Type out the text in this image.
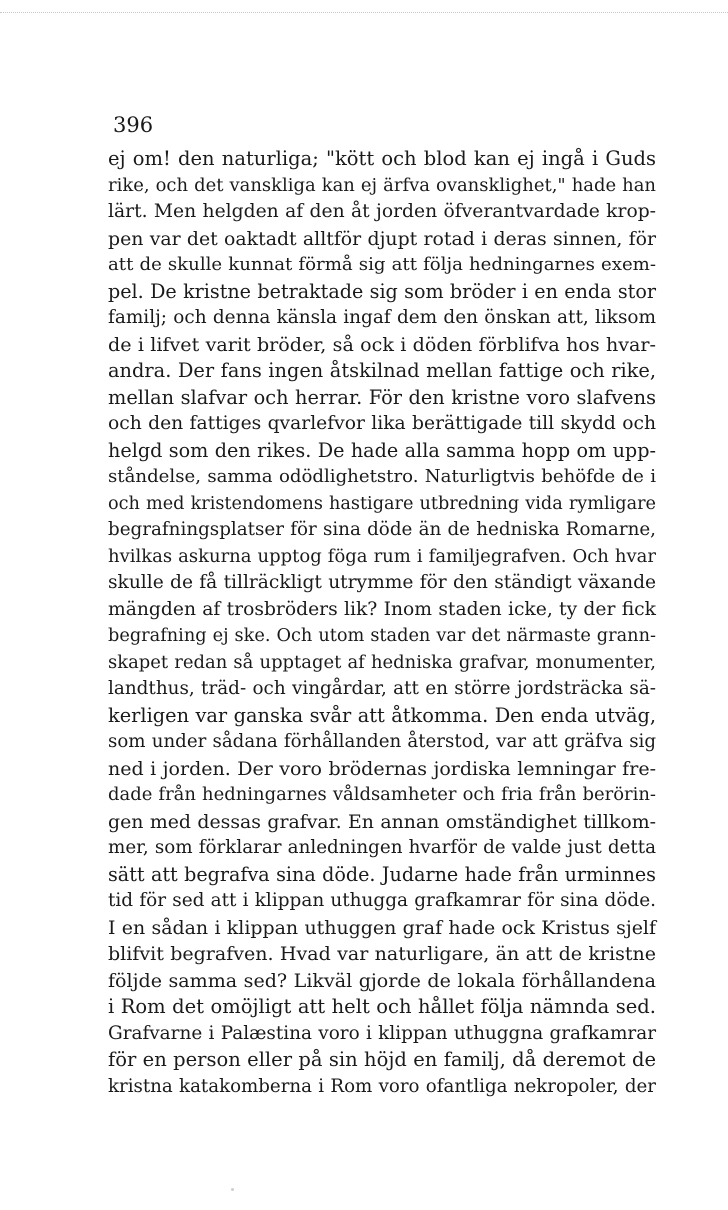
396
ej om! den naturliga; "kött och blod kan ej ingå i Guds
rike, och det vanskliga kan ej ärfva ovansklighet," hade han
lärt. Men helgden af den åt jorden öfverantvardade krop-
pen var det oaktadt alltför djupt rotad i deras sinnen, för
att de skulle kunnat förmå sig att följa hedningarnes exem-
pel. De kristne betraktade sig som bröder i en enda stor
familj; och denna känsla ingaf dem den önskan att, liksom
de i lifvet varit bröder, så ock i döden förblifva hos hvar-
andra. Der fans ingen åtskilnad mellan fattige och rike,
mellan slafvar och herrar. För den kristne voro slafvens
och den fattiges qvarlefvor lika berättigade till skydd och
helgd som den rikes. De hade alla samma hopp om upp-
ståndelse, samma odödlighetstro. Naturligtvis behöfde de i
och med kristendomens hastigare utbredning vida rymligare
begrafningsplatser för sina döde än de hedniska Romarne,
hvilkas askurna upptog föga rum i familjegrafven. Och hvar
skulle de få tillräckligt utrymme för den ständigt växande
mängden af trosbröders lik? Inom staden icke, ty der fick
begrafning ej ske. Och utom staden var det närmaste grann-
skapet redan så upptaget af hedniska grafvar, monumenter,
landthus, träd- och vingårdar, att en större jordsträcka sä-
kerligen var ganska svår att åtkomma. Den enda utväg,
som under sådana förhållanden återstod, var att gräfva sig
ned i jorden. Der voro brödernas jordiska lemningar fre-
dade från hedningarnes våldsamheter och fria från berörin-
gen med dessas grafvar. En annan omständighet tillkom-
mer, som förklarar anledningen hvarför de valde just detta
sätt att begrafva sina döde. Judarne hade från urminnes
tid för sed att i klippan uthugga grafkamrar för sina döde.
I en sådan i klippan uthuggen graf hade ock Kristus sjelf
blifvit begrafven. Hvad var naturligare, än att de kristne
följde samma sed? Likväl gjorde de lokala förhållandena
i Rom det omöjligt att helt och hållet följa nämnda sed.
Grafvarne i Palæstina voro i klippan uthuggna grafkamrar
för en person eller på sin höjd en familj, då deremot de
kristna katakomberna i Rom voro ofantliga nekropoler, der
